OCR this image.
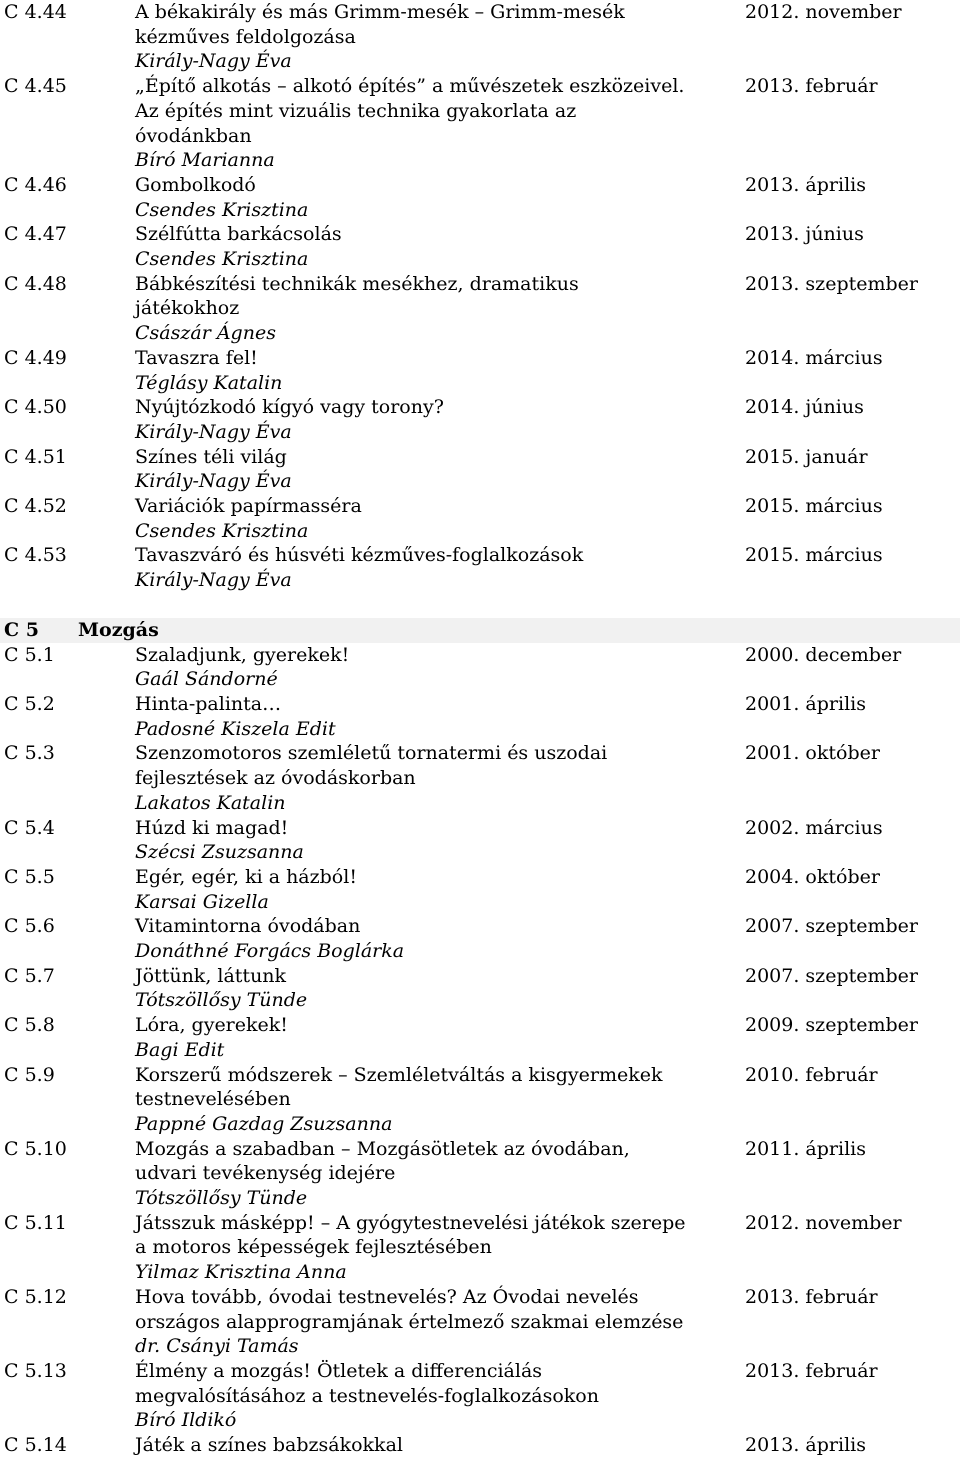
C 4.44	A békakirály és más Grimm-mesék – Grimm-mesék
kézműves feldolgozása
Király-Nagy Éva
2012. november
C 4.45	„Építő alkotás – alkotó építés” a művészetek eszközeivel.
Az építés mint vizuális technika gyakorlata az
óvodánkban
Bíró Marianna
2013. február
C 4.46	Gombolkodó
Csendes Krisztina
2013. április
C 4.47	Szélfútta barkácsolás
Csendes Krisztina
2013. június
C 4.48	Bábkészítési technikák mesékhez, dramatikus
játékokhoz
Császár Ágnes
2013. szeptember
C 4.49	Tavaszra fel!
Téglásy Katalin
2014. március
C 4.50	Nyújtózkodó kígyó vagy torony?
Király-Nagy Éva
2014. június
C 4.51	Színes téli világ
Király-Nagy Éva
2015. január
C 4.52	Variációk papírmasséra
Csendes Krisztina
2015. március
C 4.53	Tavaszváró és húsvéti kézműves-foglalkozások
Király-Nagy Éva
2015. március
C 5	Mozgás
C 5.1	Szaladjunk, gyerekek!
Gaál Sándorné
2000. december
C 5.2	Hinta-palinta…
Padosné Kiszela Edit
2001. április
C 5.3	Szenzomotoros szemléletű tornatermi és uszodai
fejlesztések az óvodáskorban
Lakatos Katalin
2001. október
C 5.4	Húzd ki magad!
Szécsi Zsuzsanna
2002. március
C 5.5	Egér, egér, ki a házból!
Karsai Gizella
2004. október
C 5.6	Vitamintorna óvodában
Donáthné Forgács Boglárka
2007. szeptember
C 5.7	Jöttünk, láttunk
Tótszöllősy Tünde
2007. szeptember
C 5.8	Lóra, gyerekek!
Bagi Edit
2009. szeptember
C 5.9	Korszerű módszerek – Szemléletváltás a kisgyermekek
testnevelésében
Pappné Gazdag Zsuzsanna
2010. február
C 5.10	Mozgás a szabadban – Mozgásötletek az óvodában,
udvari tevékenység idejére
Tótszöllősy Tünde
2011. április
C 5.11	Játsszuk másképp! – A gyógytestnevelési játékok szerepe
a motoros képességek fejlesztésében
Yilmaz Krisztina Anna
2012. november
C 5.12	Hova tovább, óvodai testnevelés? Az Óvodai nevelés
országos alapprogramjának értelmező szakmai elemzése
dr. Csányi Tamás
2013. február
C 5.13	Élmény a mozgás! Ötletek a differenciálás
megvalósításához a testnevelés-foglalkozásokon
Bíró Ildikó
2013. február
C 5.14	Játék a színes babzsákokkal	2013. április
